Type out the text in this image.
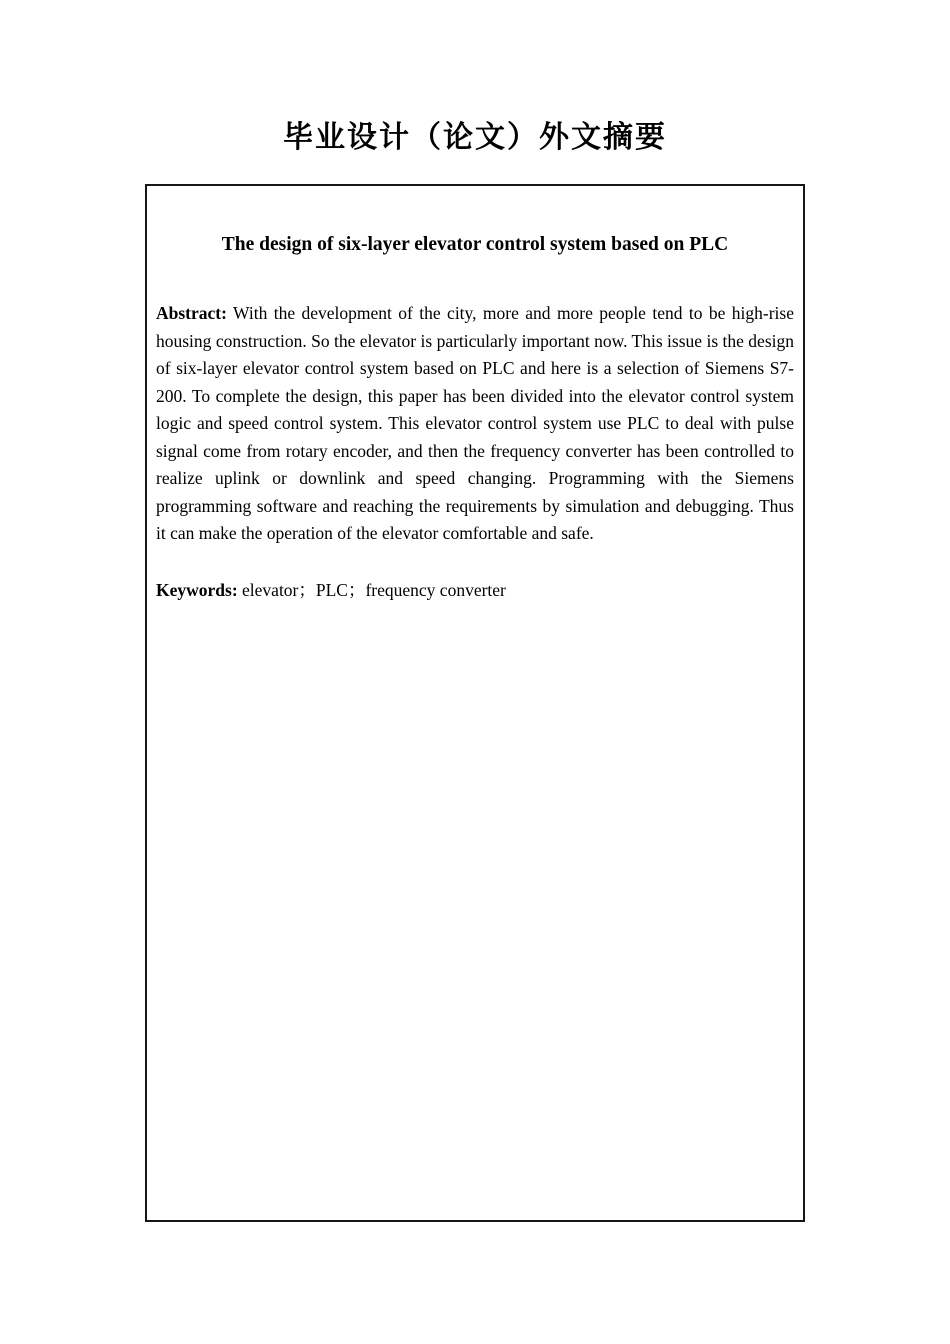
毕业设计（论文）外文摘要
The design of six-layer elevator control system based on PLC

Abstract: With the development of the city, more and more people tend to be high-rise housing construction. So the elevator is particularly important now. This issue is the design of six-layer elevator control system based on PLC and here is a selection of Siemens S7-200. To complete the design, this paper has been divided into the elevator control system logic and speed control system. This elevator control system use PLC to deal with pulse signal come from rotary encoder, and then the frequency converter has been controlled to realize uplink or downlink and speed changing. Programming with the Siemens programming software and reaching the requirements by simulation and debugging. Thus it can make the operation of the elevator comfortable and safe.

Keywords: elevator；PLC；frequency converter
